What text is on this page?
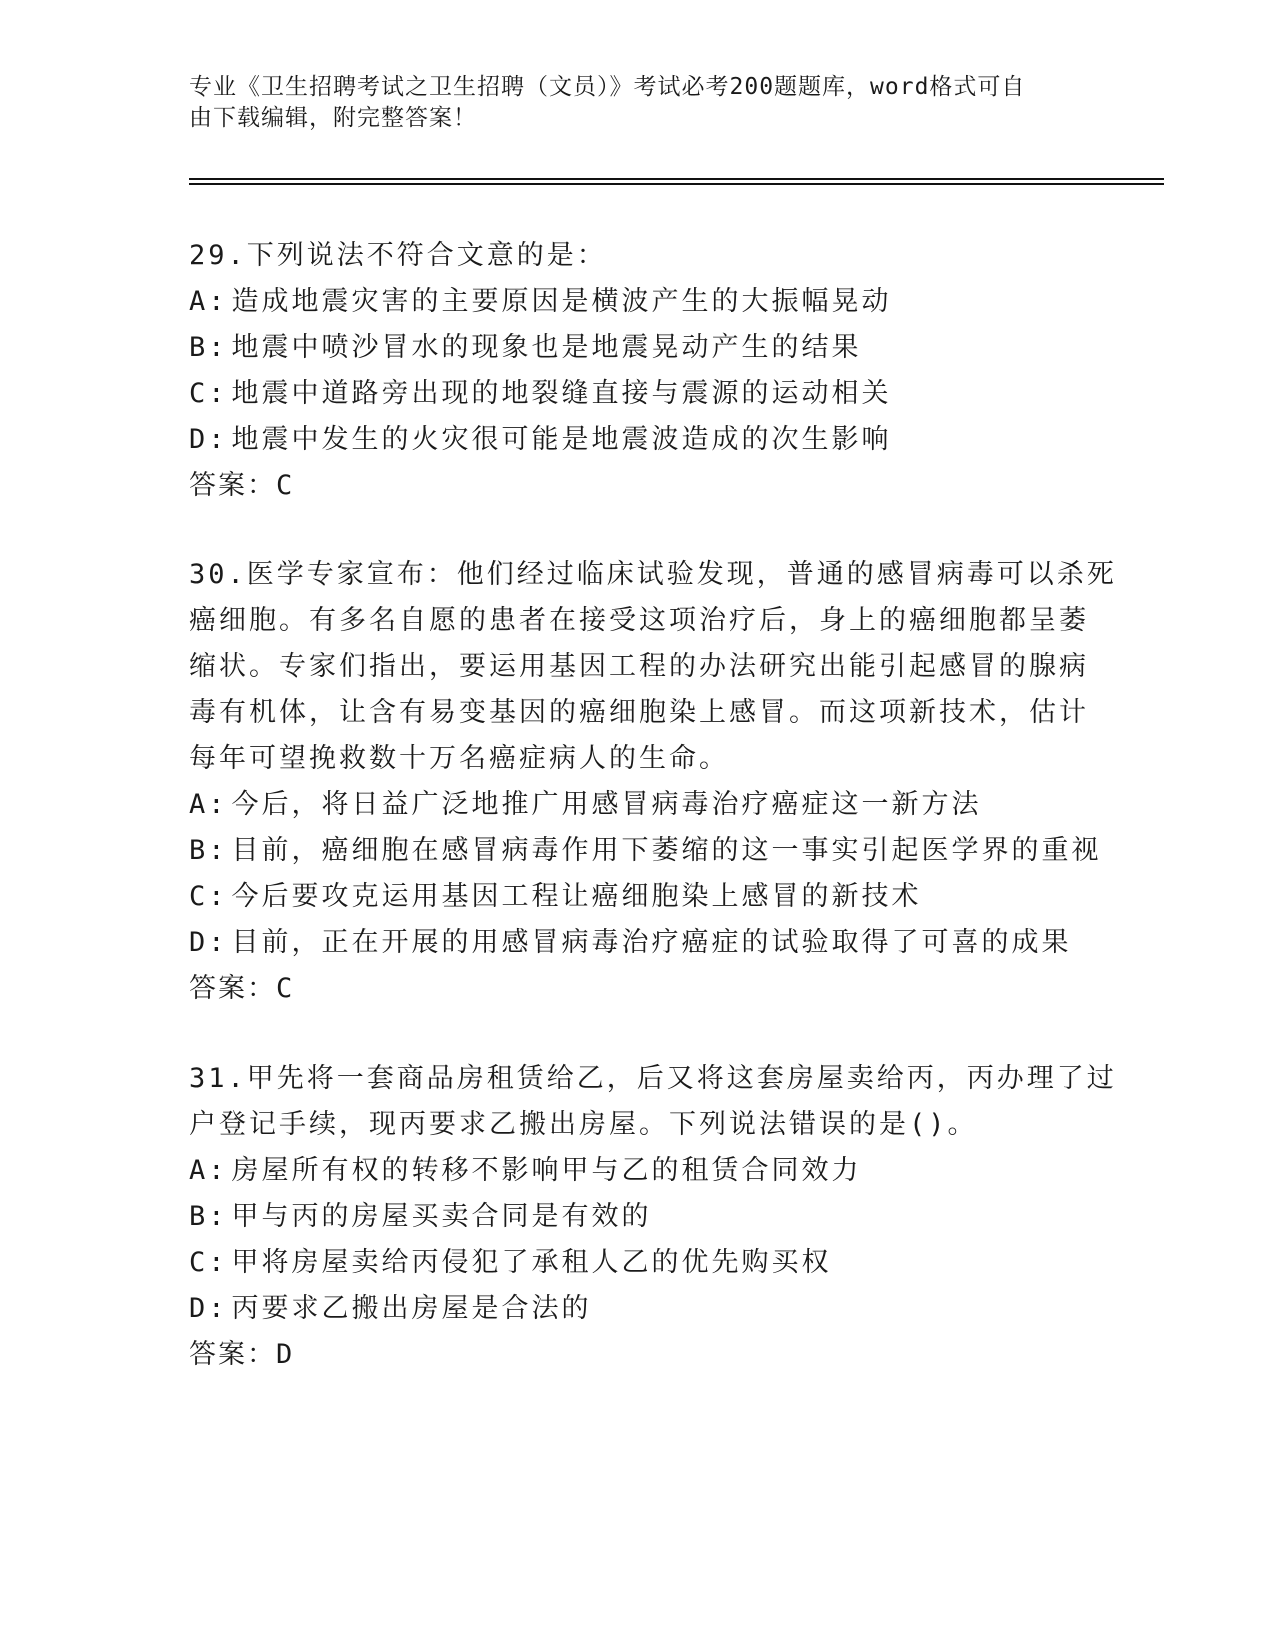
专业《卫生招聘考试之卫生招聘（文员）》考试必考200题题库，word格式可自
由下载编辑，附完整答案！
29.下列说法不符合文意的是：
A: 造成地震灾害的主要原因是横波产生的大振幅晃动
B: 地震中喷沙冒水的现象也是地震晃动产生的结果
C: 地震中道路旁出现的地裂缝直接与震源的运动相关
D: 地震中发生的火灾很可能是地震波造成的次生影响
答案：C
30.医学专家宣布：他们经过临床试验发现，普通的感冒病毒可以杀死
癌细胞。有多名自愿的患者在接受这项治疗后，身上的癌细胞都呈萎
缩状。专家们指出，要运用基因工程的办法研究出能引起感冒的腺病
毒有机体，让含有易变基因的癌细胞染上感冒。而这项新技术，估计
每年可望挽救数十万名癌症病人的生命。
A: 今后，将日益广泛地推广用感冒病毒治疗癌症这一新方法
B: 目前，癌细胞在感冒病毒作用下萎缩的这一事实引起医学界的重视
C: 今后要攻克运用基因工程让癌细胞染上感冒的新技术
D: 目前，正在开展的用感冒病毒治疗癌症的试验取得了可喜的成果
答案：C
31.甲先将一套商品房租赁给乙，后又将这套房屋卖给丙，丙办理了过
户登记手续，现丙要求乙搬出房屋。下列说法错误的是()。
A: 房屋所有权的转移不影响甲与乙的租赁合同效力
B: 甲与丙的房屋买卖合同是有效的
C: 甲将房屋卖给丙侵犯了承租人乙的优先购买权
D: 丙要求乙搬出房屋是合法的
答案：D
